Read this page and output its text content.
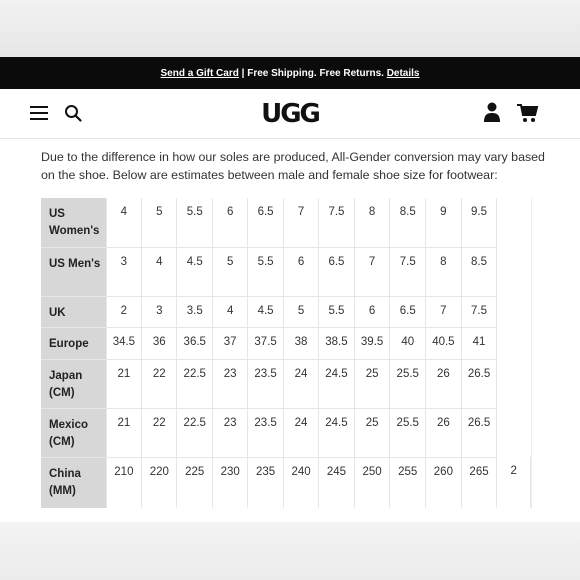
Send a Gift Card | Free Shipping. Free Returns. Details
UGG

Due to the difference in how our soles are produced, All-Gender conversion may vary based on the shoe. Below are estimates between male and female shoe size for footwear:

US Women's	4	5	5.5	6	6.5	7	7.5	8	8.5	9	9.5	
US Men's	3	4	4.5	5	5.5	6	6.5	7	7.5	8	8.5	
UK	2	3	3.5	4	4.5	5	5.5	6	6.5	7	7.5	
Europe	34.5	36	36.5	37	37.5	38	38.5	39.5	40	40.5	41	
Japan (CM)	21	22	22.5	23	23.5	24	24.5	25	25.5	26	26.5	
Mexico (CM)	21	22	22.5	23	23.5	24	24.5	25	25.5	26	26.5	
China (MM)	210	220	225	230	235	240	245	250	255	260	265	2
